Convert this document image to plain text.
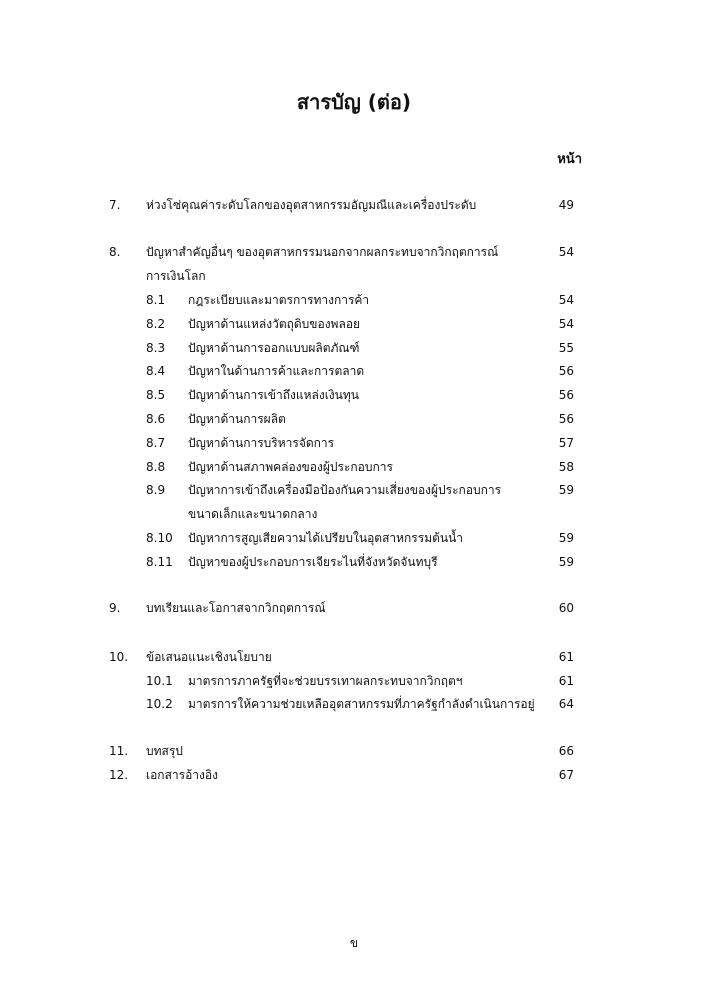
สารบัญ (ต่อ)
หน้า
7. ห่วงโซ่คุณค่าระดับโลกของอุตสาหกรรมอัญมณีและเครื่องประดับ	49
8. ปัญหาสำคัญอื่นๆ ของอุตสาหกรรมนอกจากผลกระทบจากวิกฤตการณ์	54
การเงินโลก
8.1 กฎระเบียบและมาตรการทางการค้า	54
8.2 ปัญหาด้านแหล่งวัตถุดิบของพลอย	54
8.3 ปัญหาด้านการออกแบบผลิตภัณฑ์	55
8.4 ปัญหาในด้านการค้าและการตลาด	56
8.5 ปัญหาด้านการเข้าถึงแหล่งเงินทุน	56
8.6 ปัญหาด้านการผลิต	56
8.7 ปัญหาด้านการบริหารจัดการ	57
8.8 ปัญหาด้านสภาพคล่องของผู้ประกอบการ	58
8.9 ปัญหาการเข้าถึงเครื่องมือป้องกันความเสี่ยงของผู้ประกอบการ	59
ขนาดเล็กและขนาดกลาง
8.10 ปัญหาการสูญเสียความได้เปรียบในอุตสาหกรรมต้นน้ำ	59
8.11 ปัญหาของผู้ประกอบการเจียระไนที่จังหวัดจันทบุรี	59
9. บทเรียนและโอกาสจากวิกฤตการณ์	60
10. ข้อเสนอแนะเชิงนโยบาย	61
10.1 มาตรการภาครัฐที่จะช่วยบรรเทาผลกระทบจากวิกฤตฯ	61
10.2 มาตรการให้ความช่วยเหลืออุตสาหกรรมที่ภาครัฐกำลังดำเนินการอยู่	64
11. บทสรุป	66
12. เอกสารอ้างอิง	67
ข
